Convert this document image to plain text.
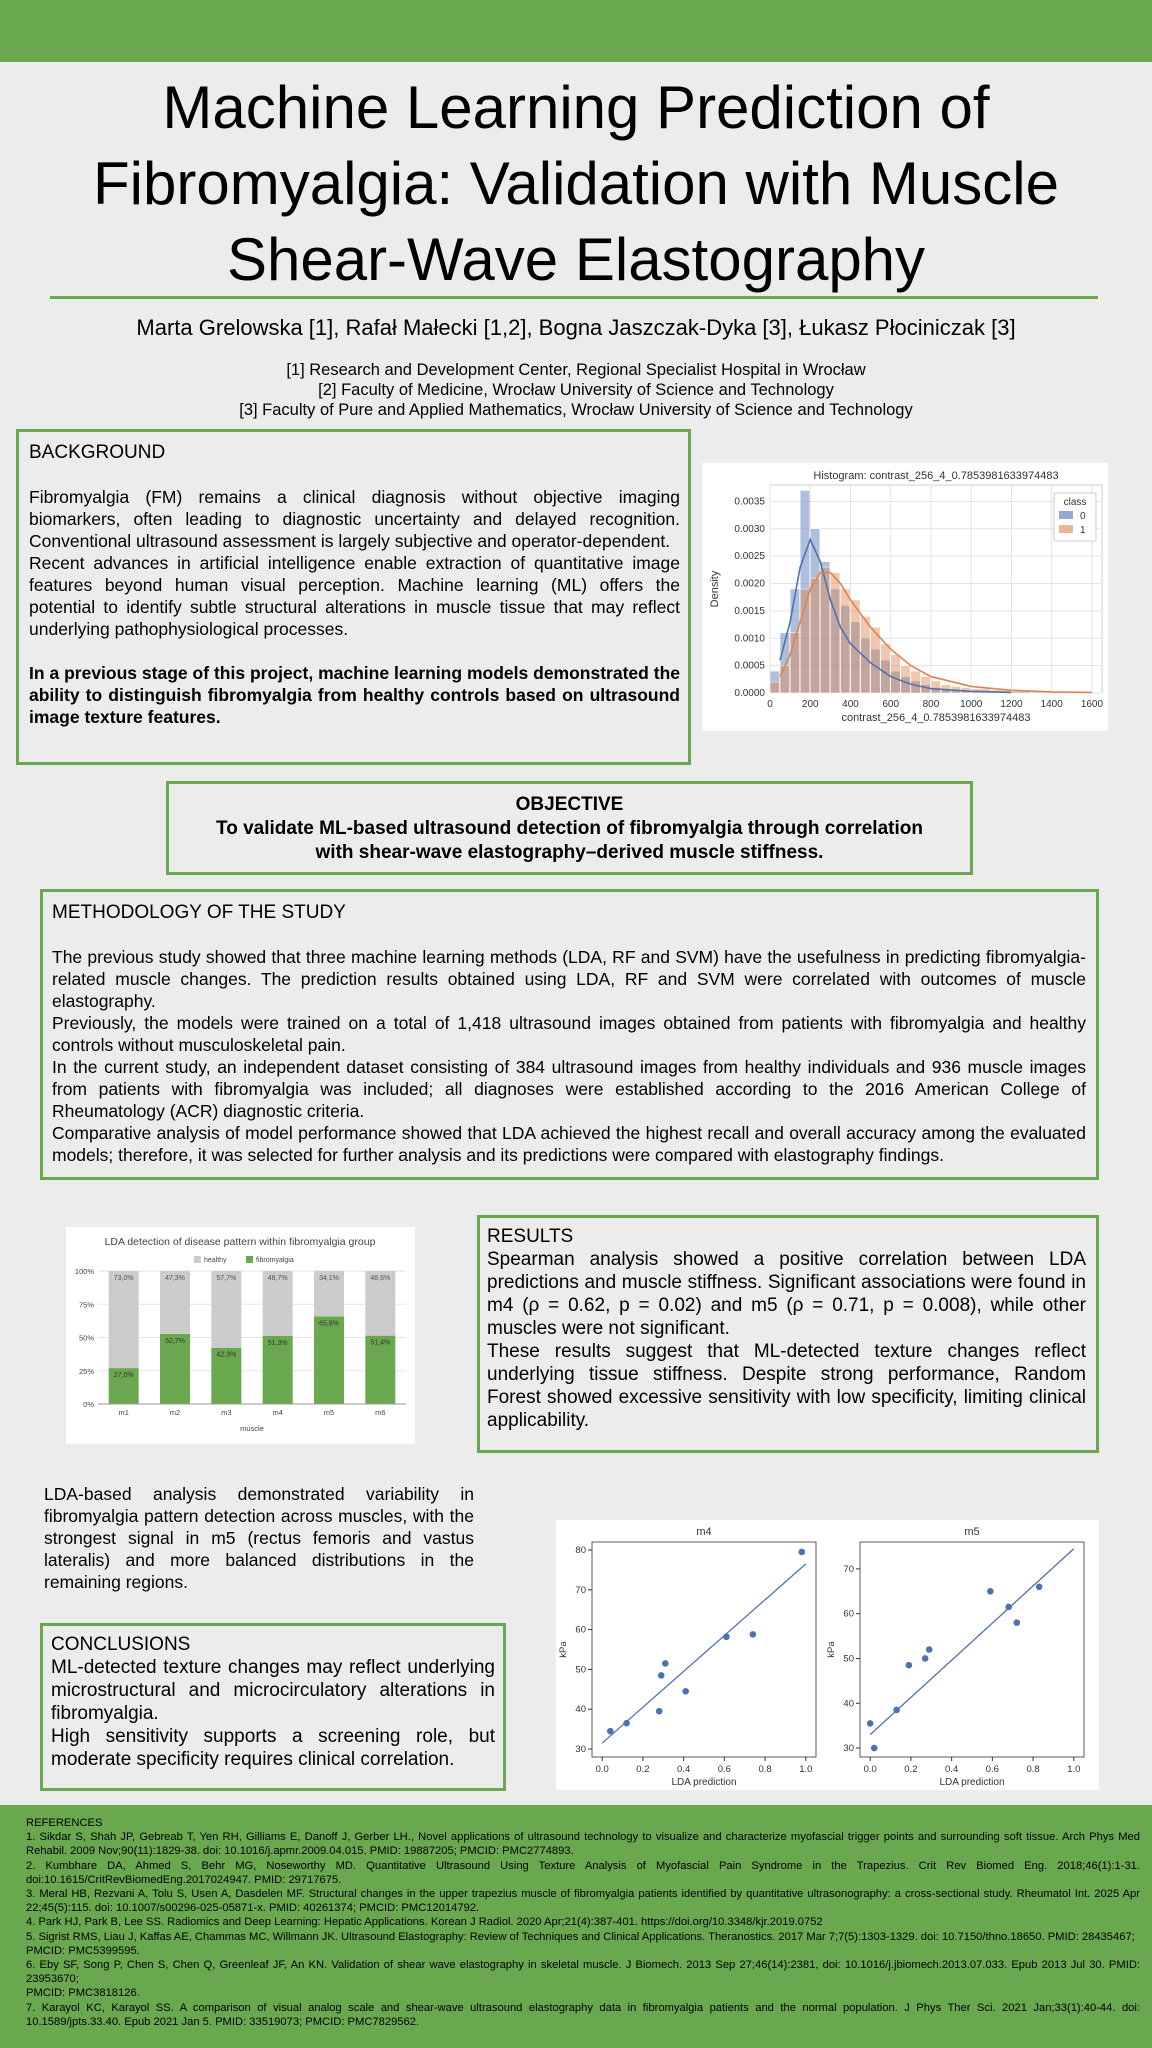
Machine Learning Prediction of
Fibromyalgia: Validation with Muscle
Shear-Wave Elastography
Marta Grelowska [1], Rafał Małecki [1,2], Bogna Jaszczak-Dyka [3], Łukasz Płociniczak [3]
[1] Research and Development Center, Regional Specialist Hospital in Wrocław
[2] Faculty of Medicine, Wrocław University of Science and Technology
[3] Faculty of Pure and Applied Mathematics, Wrocław University of Science and Technology
BACKGROUND
Fibromyalgia (FM) remains a clinical diagnosis without objective imaging biomarkers, often leading to diagnostic uncertainty and delayed recognition. Conventional ultrasound assessment is largely subjective and operator-dependent.
Recent advances in artificial intelligence enable extraction of quantitative image features beyond human visual perception. Machine learning (ML) offers the potential to identify subtle structural alterations in muscle tissue that may reflect underlying pathophysiological processes.
In a previous stage of this project, machine learning models demonstrated the ability to distinguish fibromyalgia from healthy controls based on ultrasound image texture features.
0	200 400 600 800 1000 1200 1400 1600
0.0000
0.0005
0.0010
0.0015
0.0020
0.0025
0.0030
0.0035
Histogram: contrast_256_4_0.7853981633974483
contrast_256_4_0.7853981633974483
Density
class
0
1
OBJECTIVE
To validate ML-based ultrasound detection of fibromyalgia through correlation
with shear-wave elastography–derived muscle stiffness.
METHODOLOGY OF THE STUDY
The previous study showed that three machine learning methods (LDA, RF and SVM) have the usefulness in predicting fibromyalgia-related muscle changes. The prediction results obtained using LDA, RF and SVM were correlated with outcomes of muscle elastography.
Previously, the models were trained on a total of 1,418 ultrasound images obtained from patients with fibromyalgia and healthy controls without musculoskeletal pain.
In the current study, an independent dataset consisting of 384 ultrasound images from healthy individuals and 936 muscle images from patients with fibromyalgia was included; all diagnoses were established according to the 2016 American College of Rheumatology (ACR) diagnostic criteria.
Comparative analysis of model performance showed that LDA achieved the highest recall and overall accuracy among the evaluated models; therefore, it was selected for further analysis and its predictions were compared with elastography findings.
LDA detection of disease pattern within fibromyalgia group
0%
25%
50%
75%
100%
healthy	fibromyalgia
73,0%
27,0%
m1
47,3%
52,7%
m2
57,7%
42,3%
m3
48,7%
51,3%
m4
34,1%
65,9%
m5
48,6%
51,4%
m6
muscle
RESULTS
Spearman analysis showed a positive correlation between LDA predictions and muscle stiffness. Significant associations were found in m4 (ρ = 0.62, p = 0.02) and m5 (ρ = 0.71, p = 0.008), while other muscles were not significant.
These results suggest that ML-detected texture changes reflect underlying tissue stiffness. Despite strong performance, Random Forest showed excessive sensitivity with low specificity, limiting clinical applicability.
LDA-based analysis demonstrated variability in fibromyalgia pattern detection across muscles, with the strongest signal in m5 (rectus femoris and vastus lateralis) and more balanced distributions in the remaining regions.
0.0	0.2	0.4	0.6	0.8	1.0
30
40
50
60
70
80
m4
LDA prediction
kPa
0.0	0.2	0.4	0.6	0.8	1.0
30
40
50
60
70
m5
LDA prediction
kPa
CONCLUSIONS
ML-detected texture changes may reflect underlying microstructural and microcirculatory alterations in fibromyalgia.
High sensitivity supports a screening role, but moderate specificity requires clinical correlation.
REFERENCES
1. Sikdar S, Shah JP, Gebreab T, Yen RH, Gilliams E, Danoff J, Gerber LH., Novel applications of ultrasound technology to visualize and characterize myofascial trigger points and surrounding soft tissue. Arch Phys Med Rehabil. 2009 Nov;90(11):1829-38. doi: 10.1016/j.apmr.2009.04.015. PMID: 19887205; PMCID: PMC2774893.
2. Kumbhare DA, Ahmed S, Behr MG, Noseworthy MD. Quantitative Ultrasound Using Texture Analysis of Myofascial Pain Syndrome in the Trapezius. Crit Rev Biomed Eng. 2018;46(1):1-31. doi:10.1615/CritRevBiomedEng.2017024947. PMID: 29717675.
3. Meral HB, Rezvani A, Tolu S, Usen A, Dasdelen MF. Structural changes in the upper trapezius muscle of fibromyalgia patients identified by quantitative ultrasonography: a cross-sectional study. Rheumatol Int. 2025 Apr 22;45(5):115. doi: 10.1007/s00296-025-05871-x. PMID: 40261374; PMCID: PMC12014792.
4. Park HJ, Park B, Lee SS. Radiomics and Deep Learning: Hepatic Applications. Korean J Radiol. 2020 Apr;21(4):387-401. https://doi.org/10.3348/kjr.2019.0752
5. Sigrist RMS, Liau J, Kaffas AE, Chammas MC, Willmann JK. Ultrasound Elastography: Review of Techniques and Clinical Applications. Theranostics. 2017 Mar 7;7(5):1303-1329. doi: 10.7150/thno.18650. PMID: 28435467;
PMCID: PMC5399595.
6. Eby SF, Song P, Chen S, Chen Q, Greenleaf JF, An KN. Validation of shear wave elastography in skeletal muscle. J Biomech. 2013 Sep 27;46(14):2381, doi: 10.1016/j.jbiomech.2013.07.033. Epub 2013 Jul 30. PMID: 23953670;
PMCID: PMC3818126.
7. Karayol KC, Karayol SS. A comparison of visual analog scale and shear-wave ultrasound elastography data in fibromyalgia patients and the normal population. J Phys Ther Sci. 2021 Jan;33(1):40-44. doi: 10.1589/jpts.33.40. Epub 2021 Jan 5. PMID: 33519073; PMCID: PMC7829562.
